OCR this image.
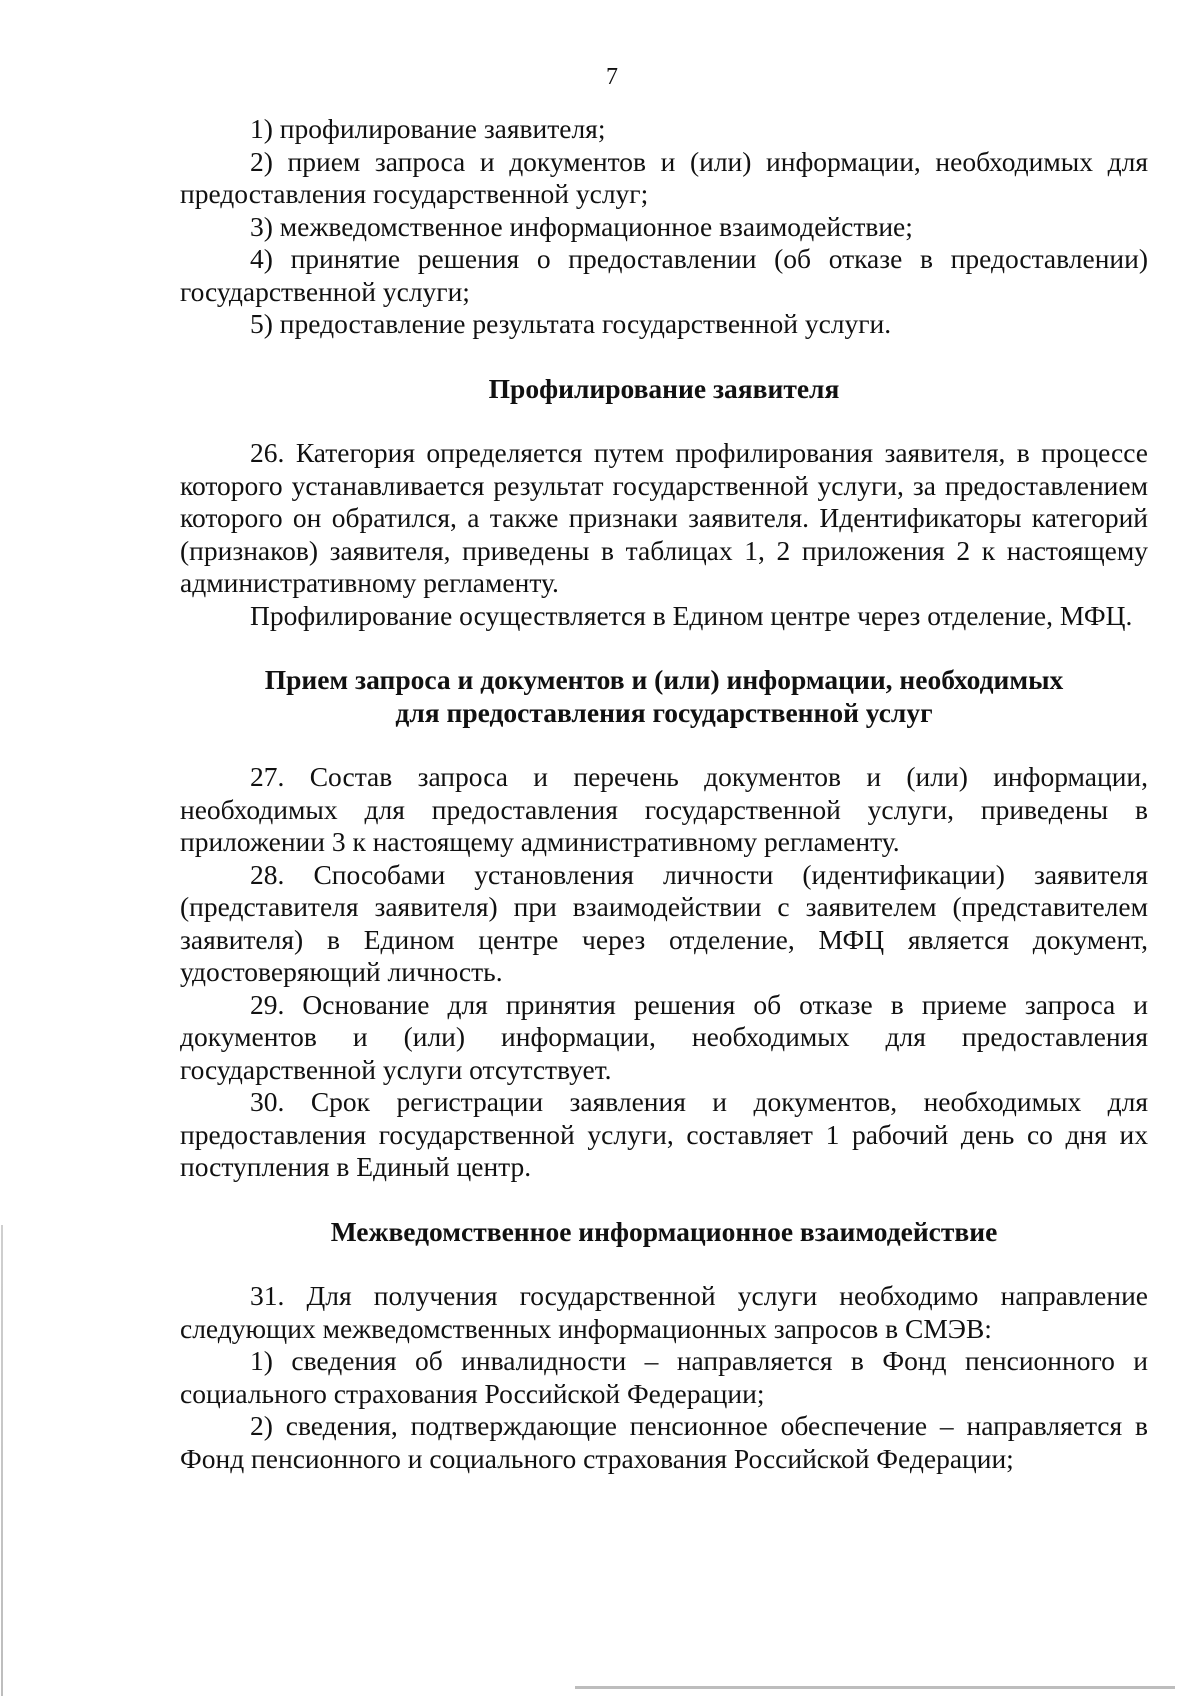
7

1) профилирование заявителя;

2) прием запроса и документов и (или) информации, необходимых для предоставления государственной услуг;

3) межведомственное информационное взаимодействие;

4) принятие решения о предоставлении (об отказе в предоставлении) государственной услуги;

5) предоставление результата государственной услуги.

Профилирование заявителя

26. Категория определяется путем профилирования заявителя, в процессе которого устанавливается результат государственной услуги, за предоставлением которого он обратился, а также признаки заявителя. Идентификаторы категорий (признаков) заявителя, приведены в таблицах 1, 2 приложения 2 к настоящему административному регламенту.

Профилирование осуществляется в Едином центре через отделение, МФЦ.

Прием запроса и документов и (или) информации, необходимых
для предоставления государственной услуг

27. Состав запроса и перечень документов и (или) информации, необходимых для предоставления государственной услуги, приведены в приложении 3 к настоящему административному регламенту.

28. Способами установления личности (идентификации) заявителя (представителя заявителя) при взаимодействии с заявителем (представителем заявителя) в Едином центре через отделение, МФЦ является документ, удостоверяющий личность.

29. Основание для принятия решения об отказе в приеме запроса и документов и (или) информации, необходимых для предоставления государственной услуги отсутствует.

30. Срок регистрации заявления и документов, необходимых для предоставления государственной услуги, составляет 1 рабочий день со дня их поступления в Единый центр.

Межведомственное информационное взаимодействие

31. Для получения государственной услуги необходимо направление следующих межведомственных информационных запросов в СМЭВ:

1) сведения об инвалидности – направляется в Фонд пенсионного и социального страхования Российской Федерации;

2) сведения, подтверждающие пенсионное обеспечение – направляется в Фонд пенсионного и социального страхования Российской Федерации;
